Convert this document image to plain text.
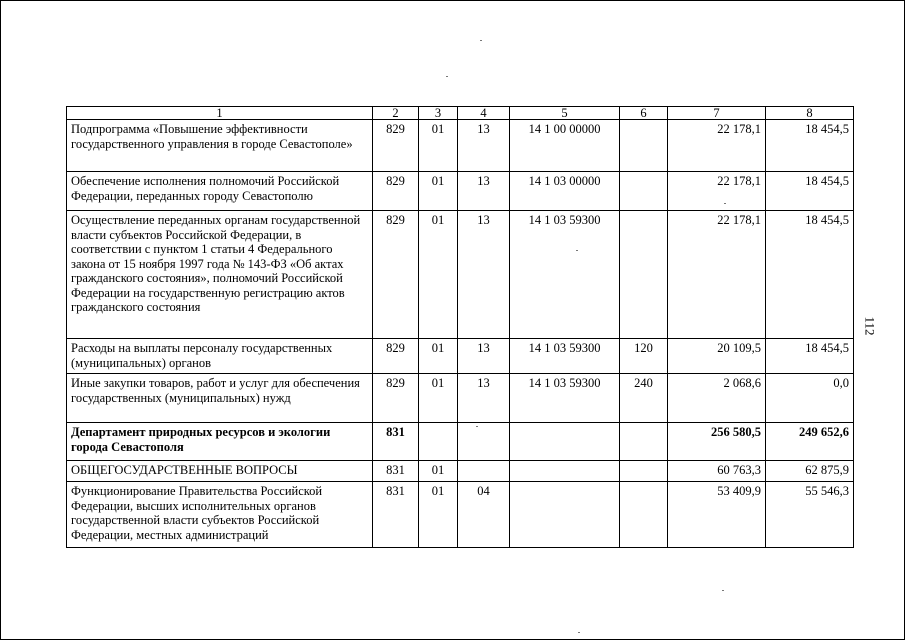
112
1	2	3	4	5	6	7	8
Подпрограмма «Повышение эффективности государственного управления в городе Севастополе»	829	01	13	14 1 00 00000		22 178,1	18 454,5
Обеспечение исполнения полномочий Российской Федерации, переданных городу Севастополю	829	01	13	14 1 03 00000		22 178,1	18 454,5
Осуществление переданных органам государственной власти субъектов Российской Федерации, в соответствии с пунктом 1 статьи 4 Федерального закона от 15 ноября 1997 года № 143-ФЗ «Об актах гражданского состояния», полномочий Российской Федерации на государственную регистрацию актов гражданского состояния	829	01	13	14 1 03 59300		22 178,1	18 454,5
Расходы на выплаты персоналу государственных (муниципальных) органов	829	01	13	14 1 03 59300	120	20 109,5	18 454,5
Иные закупки товаров, работ и услуг для обеспечения государственных (муниципальных) нужд	829	01	13	14 1 03 59300	240	2 068,6	0,0
Департамент природных ресурсов и экологии города Севастополя	831					256 580,5	249 652,6
ОБЩЕГОСУДАРСТВЕННЫЕ ВОПРОСЫ	831	01				60 763,3	62 875,9
Функционирование Правительства Российской Федерации, высших исполнительных органов государственной власти субъектов Российской Федерации, местных администраций	831	01	04			53 409,9	55 546,3
